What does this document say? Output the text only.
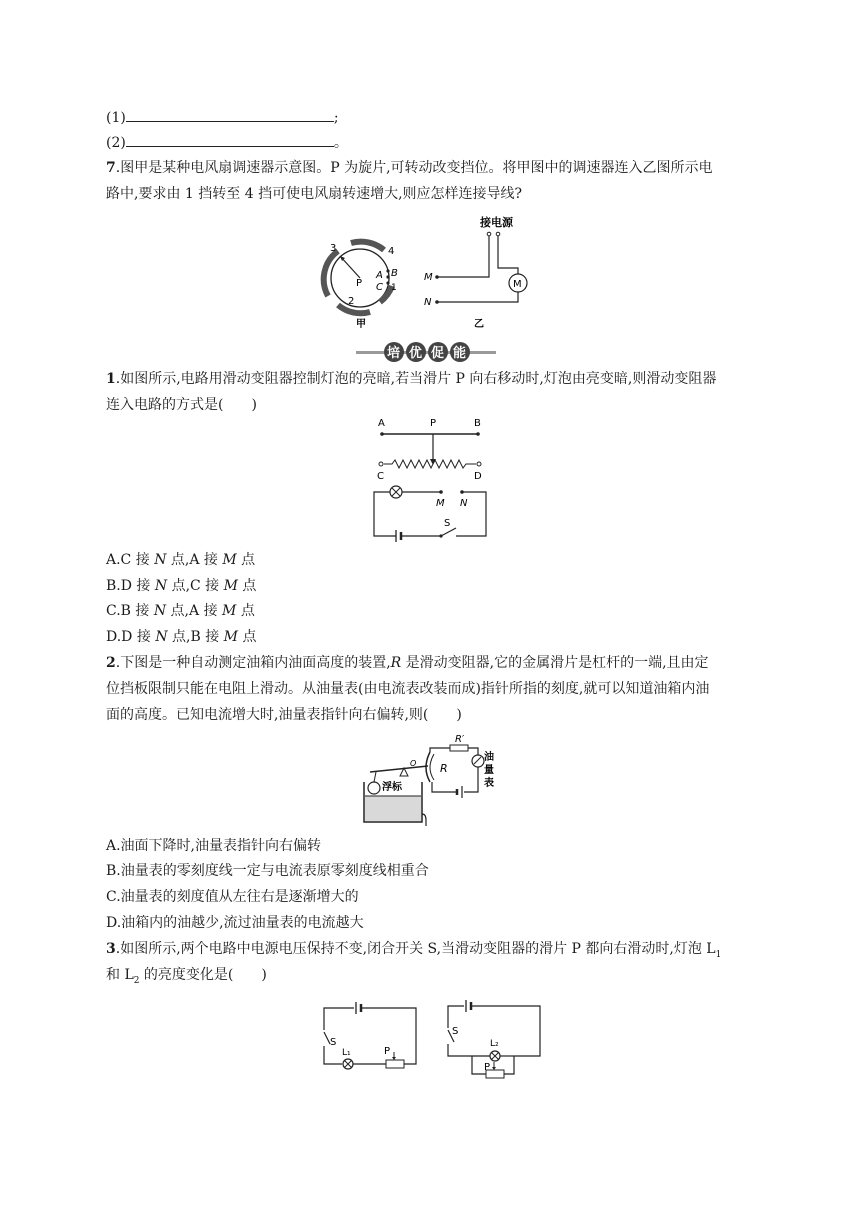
(1)	;
(2)	。
7.图甲是某种电风扇调速器示意图。P 为旋片,可转动改变挡位。将甲图中的调速器连入乙图所示电
路中,要求由 1 挡转至 4 挡可使电风扇转速增大,则应怎样连接导线?
3	4
2
1
A B
C
P
甲
接电源
M
M
N
乙
培 优 促 能
1.如图所示,电路用滑动变阻器控制灯泡的亮暗,若当滑片 P 向右移动时,灯泡由亮变暗,则滑动变阻器
连入电路的方式是(　　)
A	P	B
C	D
M N
S
A.C 接 N 点,A 接 M 点
B.D 接 N 点,C 接 M 点
C.B 接 N 点,A 接 M 点
D.D 接 N 点,B 接 M 点
2.下图是一种自动测定油箱内油面高度的装置,R 是滑动变阻器,它的金属滑片是杠杆的一端,且由定
位挡板限制只能在电阻上滑动。从油量表(由电流表改装而成)指针所指的刻度,就可以知道油箱内油
面的高度。已知电流增大时,油量表指针向右偏转,则(　　)
浮标
O R
R′
油
量
表
A.油面下降时,油量表指针向右偏转
B.油量表的零刻度线一定与电流表原零刻度线相重合
C.油量表的刻度值从左往右是逐渐增大的
D.油箱内的油越少,流过油量表的电流越大
3.如图所示,两个电路中电源电压保持不变,闭合开关 S,当滑动变阻器的滑片 P 都向右滑动时,灯泡 $L_1$
和 $L_2$ 的亮度变化是(　　)
S
L₁	P
S
L₂
P
